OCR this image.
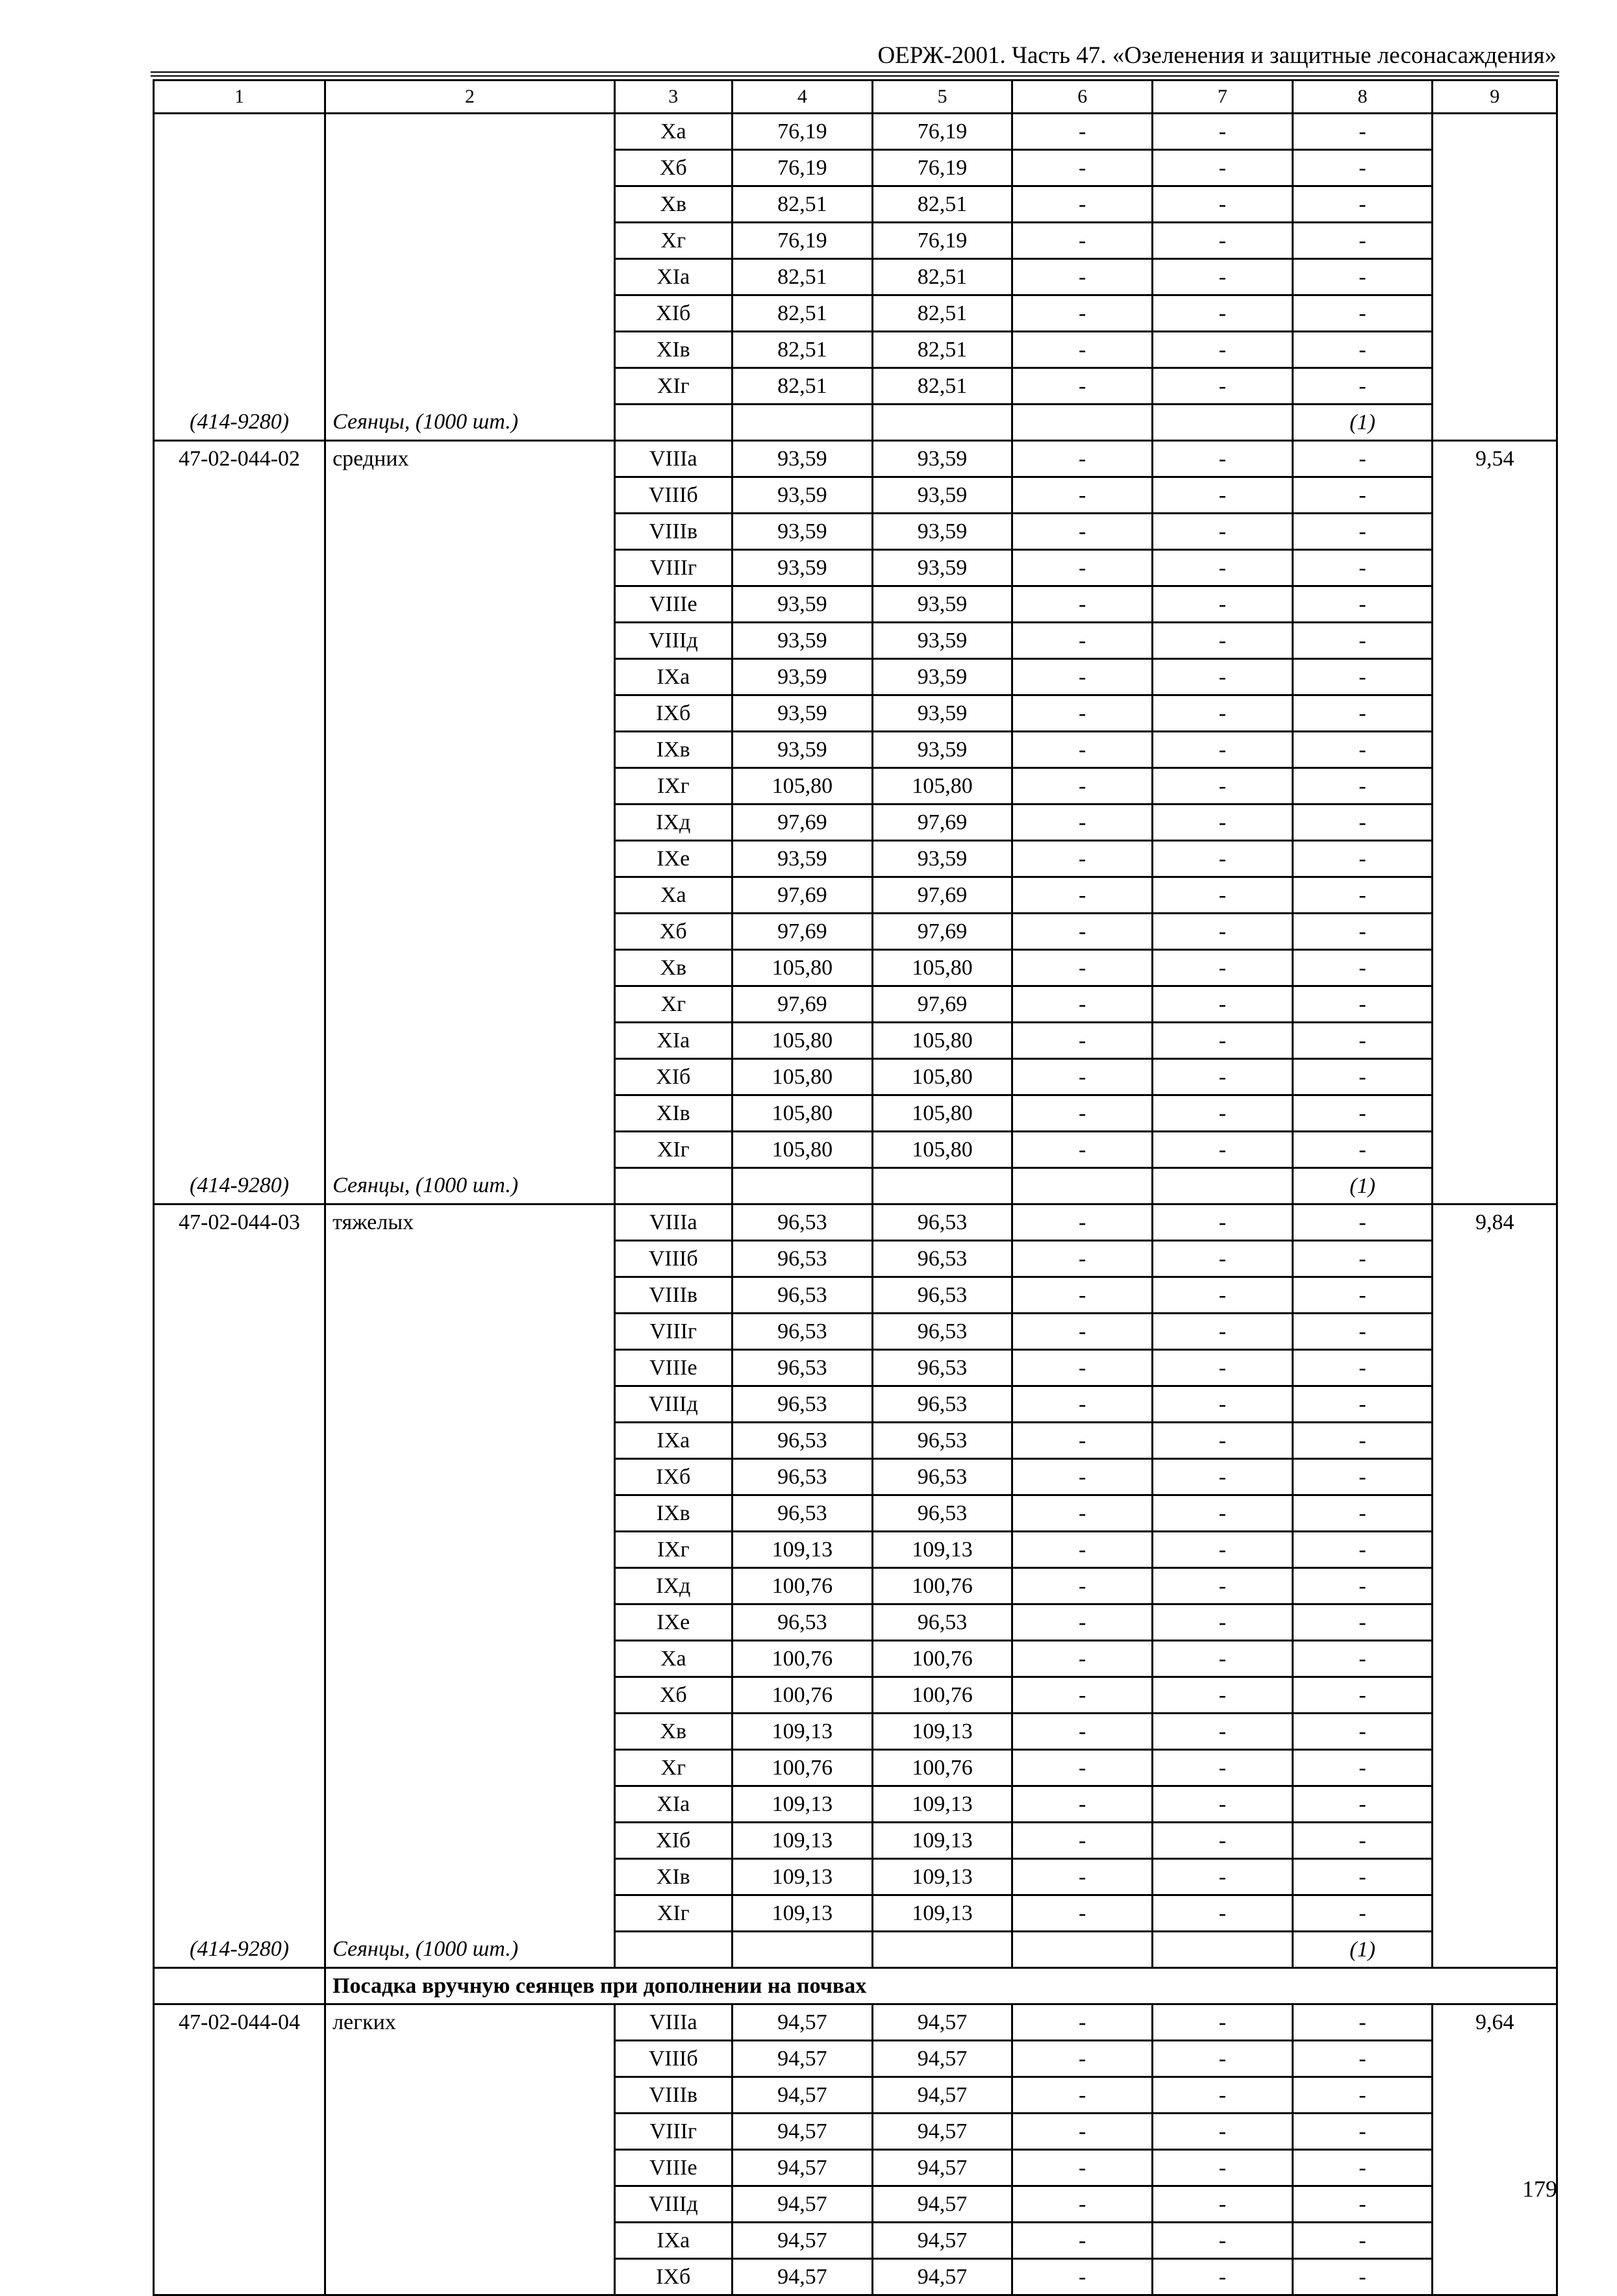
ОЕРЖ-2001. Часть 47. «Озеленения и защитные лесонасаждения»
1	2	3	4	5	6	7	8	9
		Xа	76,19	76,19	-	-	-	
		Xб	76,19	76,19	-	-	-	
		Xв	82,51	82,51	-	-	-	
		Xг	76,19	76,19	-	-	-	
		XIа	82,51	82,51	-	-	-	
		XIб	82,51	82,51	-	-	-	
		XIв	82,51	82,51	-	-	-	
		XIг	82,51	82,51	-	-	-	
(414-9280)	Сеянцы, (1000 шт.)						(1)	
47-02-044-02	средних	VIIIа	93,59	93,59	-	-	-	9,54
		VIIIб	93,59	93,59	-	-	-	
		VIIIв	93,59	93,59	-	-	-	
		VIIIг	93,59	93,59	-	-	-	
		VIIIе	93,59	93,59	-	-	-	
		VIIIд	93,59	93,59	-	-	-	
		IXа	93,59	93,59	-	-	-	
		IXб	93,59	93,59	-	-	-	
		IXв	93,59	93,59	-	-	-	
		IXг	105,80	105,80	-	-	-	
		IXд	97,69	97,69	-	-	-	
		IXе	93,59	93,59	-	-	-	
		Xа	97,69	97,69	-	-	-	
		Xб	97,69	97,69	-	-	-	
		Xв	105,80	105,80	-	-	-	
		Xг	97,69	97,69	-	-	-	
		XIа	105,80	105,80	-	-	-	
		XIб	105,80	105,80	-	-	-	
		XIв	105,80	105,80	-	-	-	
		XIг	105,80	105,80	-	-	-	
(414-9280)	Сеянцы, (1000 шт.)						(1)	
47-02-044-03	тяжелых	VIIIа	96,53	96,53	-	-	-	9,84
		VIIIб	96,53	96,53	-	-	-	
		VIIIв	96,53	96,53	-	-	-	
		VIIIг	96,53	96,53	-	-	-	
		VIIIе	96,53	96,53	-	-	-	
		VIIIд	96,53	96,53	-	-	-	
		IXа	96,53	96,53	-	-	-	
		IXб	96,53	96,53	-	-	-	
		IXв	96,53	96,53	-	-	-	
		IXг	109,13	109,13	-	-	-	
		IXд	100,76	100,76	-	-	-	
		IXе	96,53	96,53	-	-	-	
		Xа	100,76	100,76	-	-	-	
		Xб	100,76	100,76	-	-	-	
		Xв	109,13	109,13	-	-	-	
		Xг	100,76	100,76	-	-	-	
		XIа	109,13	109,13	-	-	-	
		XIб	109,13	109,13	-	-	-	
		XIв	109,13	109,13	-	-	-	
		XIг	109,13	109,13	-	-	-	
(414-9280)	Сеянцы, (1000 шт.)						(1)	
	Посадка вручную сеянцев при дополнении на почвах							
47-02-044-04	легких	VIIIа	94,57	94,57	-	-	-	9,64
		VIIIб	94,57	94,57	-	-	-	
		VIIIв	94,57	94,57	-	-	-	
		VIIIг	94,57	94,57	-	-	-	
		VIIIе	94,57	94,57	-	-	-	
		VIIIд	94,57	94,57	-	-	-	
		IXа	94,57	94,57	-	-	-	
		IXб	94,57	94,57	-	-	-	
179
